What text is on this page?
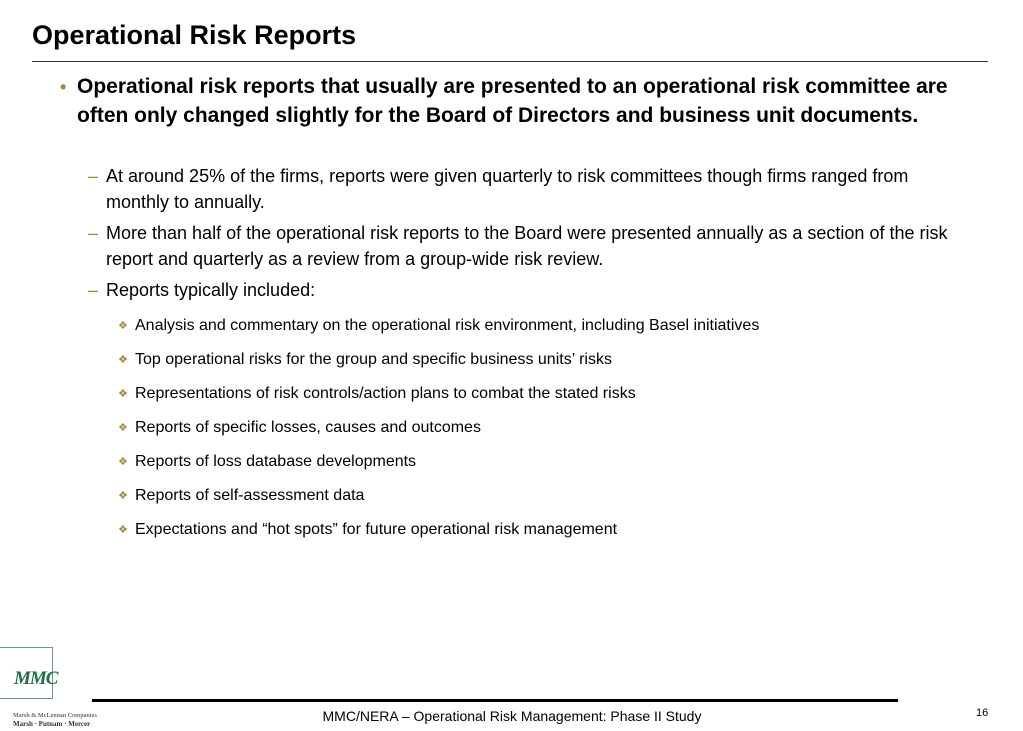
Operational Risk Reports
• Operational risk reports that usually are presented to an operational risk committee are often only changed slightly for the Board of Directors and business unit documents.
– At around 25% of the firms, reports were given quarterly to risk committees though firms ranged from monthly to annually.
– More than half of the operational risk reports to the Board were presented annually as a section of the risk report and quarterly as a review from a group-wide risk review.
– Reports typically included:
❖ Analysis and commentary on the operational risk environment, including Basel initiatives
❖ Top operational risks for the group and specific business units’ risks
❖ Representations of risk controls/action plans to combat the stated risks
❖ Reports of specific losses, causes and outcomes
❖ Reports of loss database developments
❖ Reports of self-assessment data
❖ Expectations and “hot spots” for future operational risk management
MMC
Marsh & McLennan Companies
Marsh · Putnam · Mercer	MMC/NERA – Operational Risk Management: Phase II Study	16
